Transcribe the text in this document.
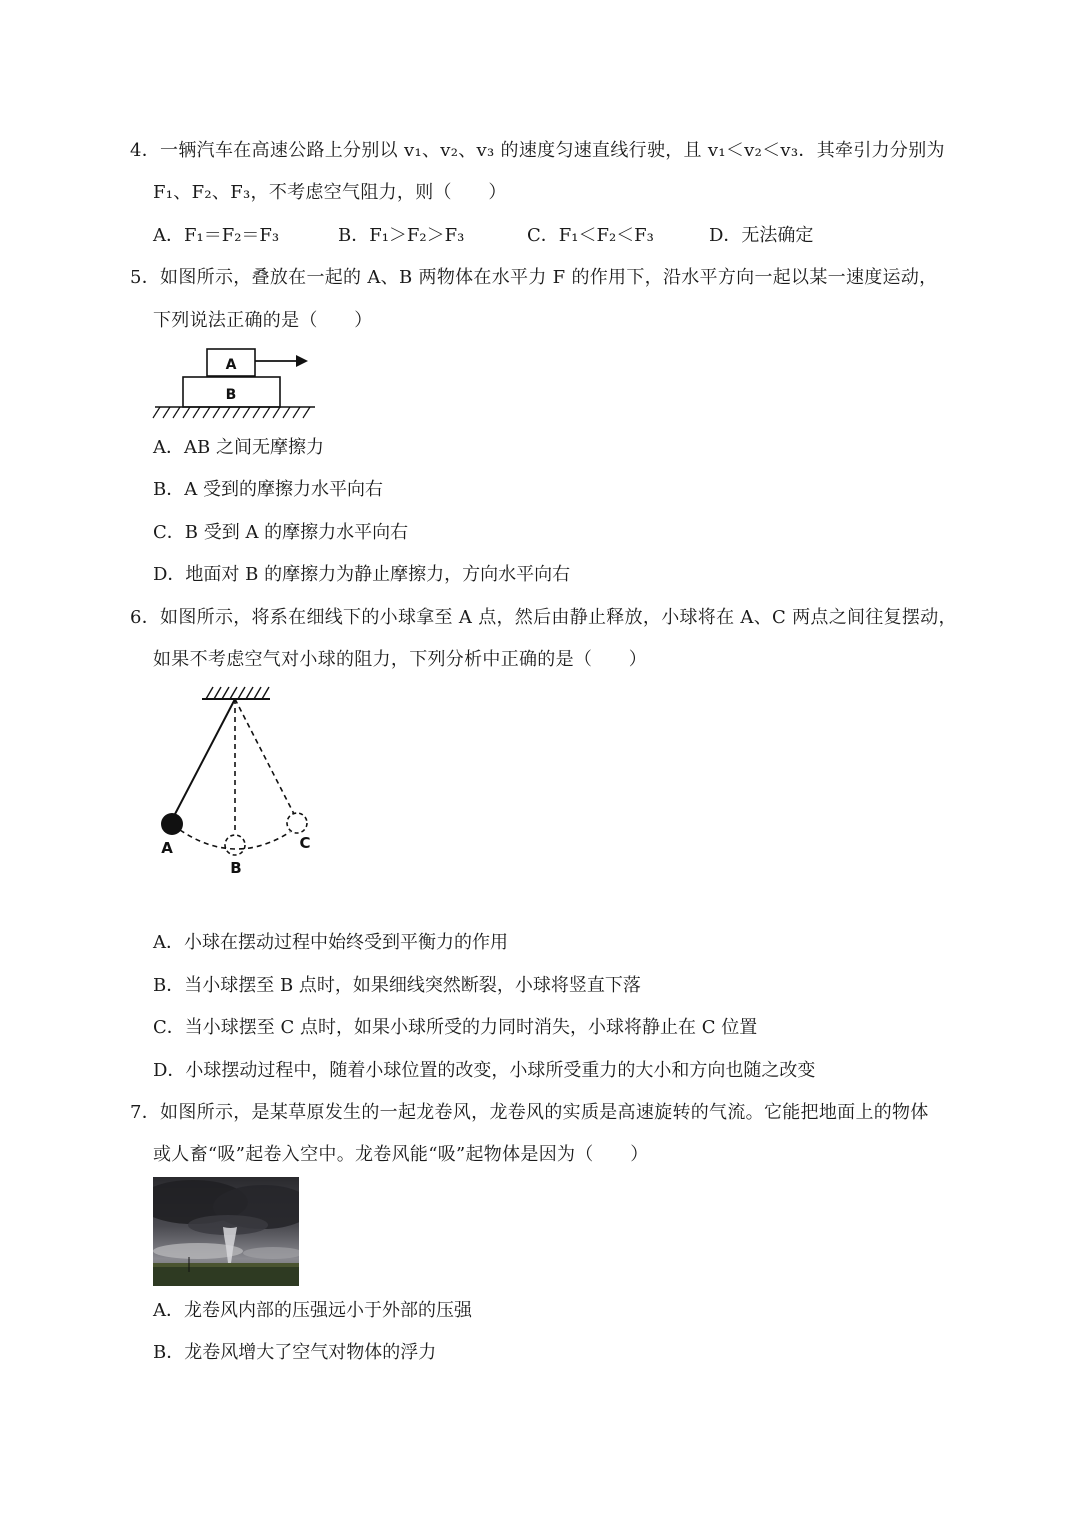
4．一辆汽车在高速公路上分别以 v₁、v₂、v₃ 的速度匀速直线行驶，且 v₁＜v₂＜v₃．其牵引力分别为
F₁、F₂、F₃，不考虑空气阻力，则（　　）
A．F₁＝F₂＝F₃	B．F₁＞F₂＞F₃	C．F₁＜F₂＜F₃	D．无法确定
5．如图所示，叠放在一起的 A、B 两物体在水平力 F 的作用下，沿水平方向一起以某一速度运动，
下列说法正确的是（　　）
A
B
A．AB 之间无摩擦力
B．A 受到的摩擦力水平向右
C．B 受到 A 的摩擦力水平向右
D．地面对 B 的摩擦力为静止摩擦力，方向水平向右
6．如图所示，将系在细线下的小球拿至 A 点，然后由静止释放，小球将在 A、C 两点之间往复摆动，
如果不考虑空气对小球的阻力，下列分析中正确的是（　　）
A
B
C
A．小球在摆动过程中始终受到平衡力的作用
B．当小球摆至 B 点时，如果细线突然断裂，小球将竖直下落
C．当小球摆至 C 点时，如果小球所受的力同时消失，小球将静止在 C 位置
D．小球摆动过程中，随着小球位置的改变，小球所受重力的大小和方向也随之改变
7．如图所示，是某草原发生的一起龙卷风，龙卷风的实质是高速旋转的气流。它能把地面上的物体
或人畜“吸”起卷入空中。龙卷风能“吸”起物体是因为（　　）
A．龙卷风内部的压强远小于外部的压强
B．龙卷风增大了空气对物体的浮力
